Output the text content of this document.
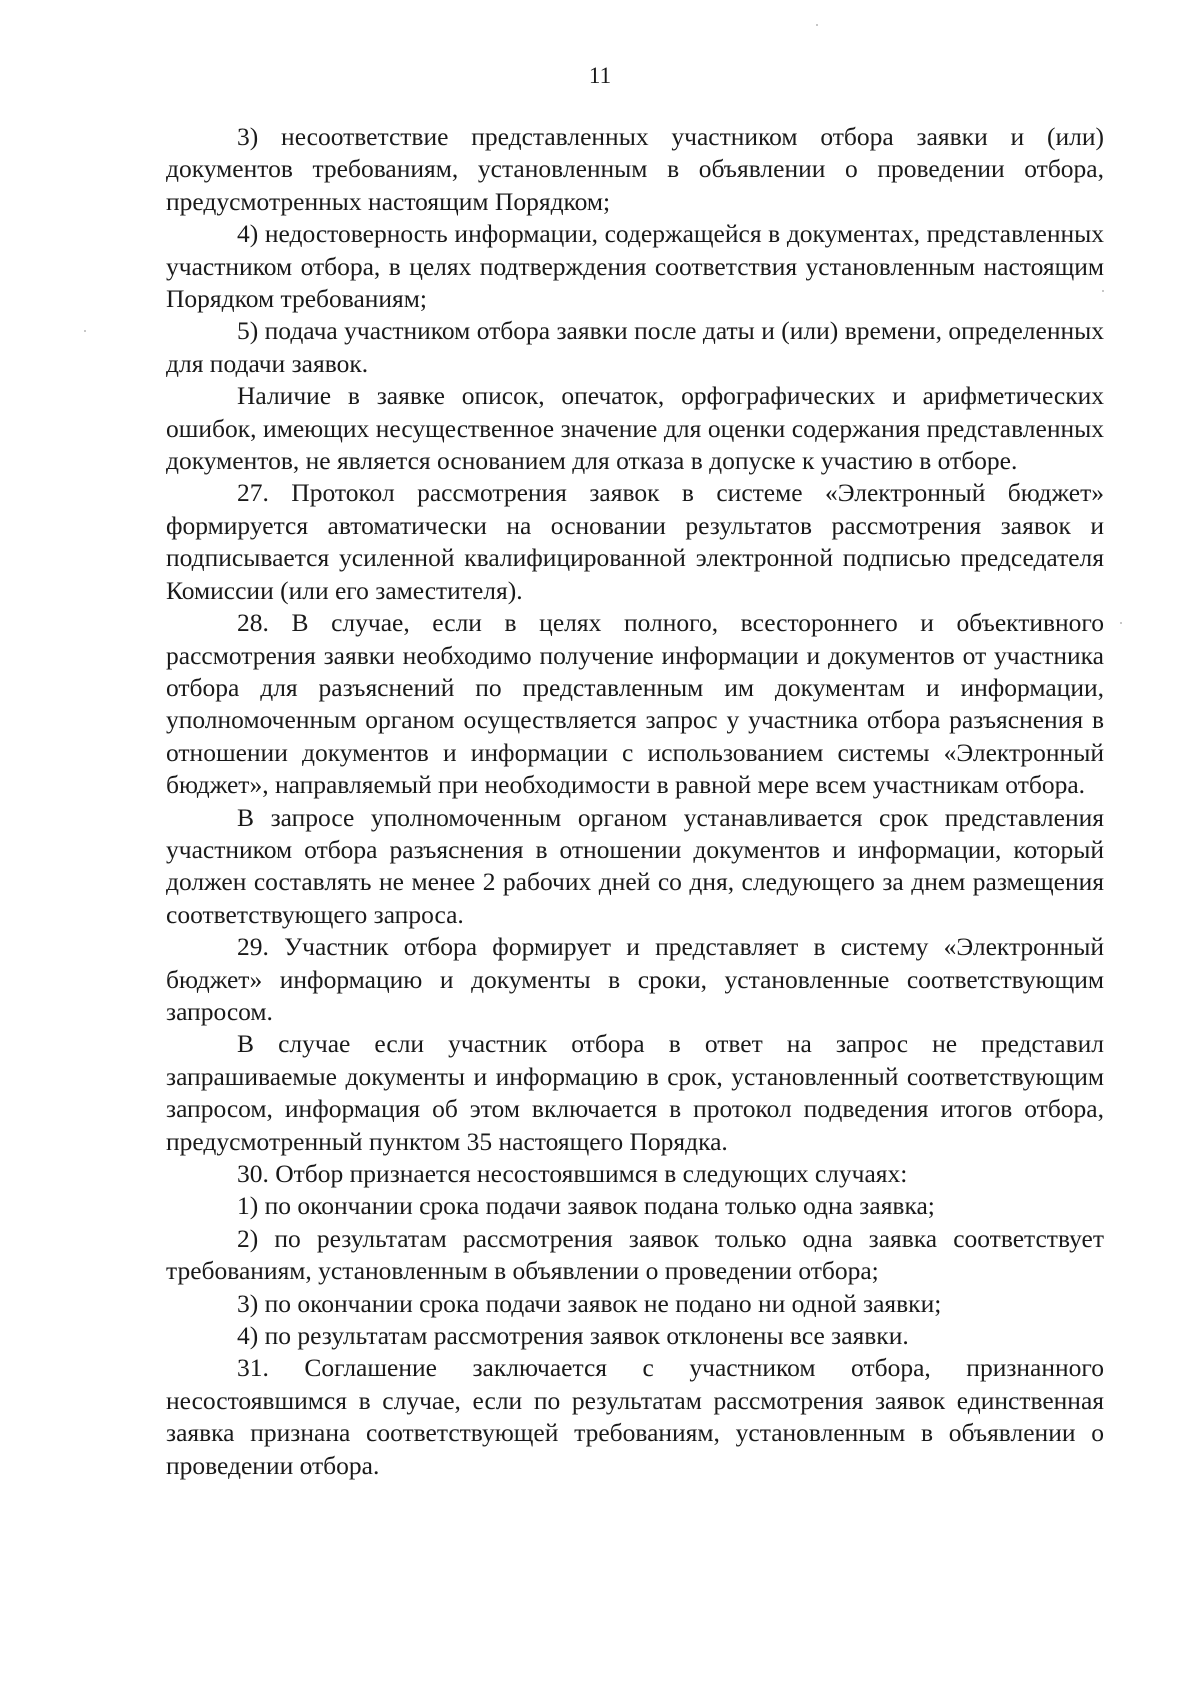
11

3) несоответствие представленных участником отбора заявки и (или) документов требованиям, установленным в объявлении о проведении отбора, предусмотренных настоящим Порядком;

4) недостоверность информации, содержащейся в документах, представленных участником отбора, в целях подтверждения соответствия установленным настоящим Порядком требованиям;

5) подача участником отбора заявки после даты и (или) времени, определенных для подачи заявок.

Наличие в заявке описок, опечаток, орфографических и арифметических ошибок, имеющих несущественное значение для оценки содержания представленных документов, не является основанием для отказа в допуске к участию в отборе.

27. Протокол рассмотрения заявок в системе «Электронный бюджет» формируется автоматически на основании результатов рассмотрения заявок и подписывается усиленной квалифицированной электронной подписью председателя Комиссии (или его заместителя).

28. В случае, если в целях полного, всестороннего и объективного рассмотрения заявки необходимо получение информации и документов от участника отбора для разъяснений по представленным им документам и информации, уполномоченным органом осуществляется запрос у участника отбора разъяснения в отношении документов и информации с использованием системы «Электронный бюджет», направляемый при необходимости в равной мере всем участникам отбора.

В запросе уполномоченным органом устанавливается срок представления участником отбора разъяснения в отношении документов и информации, который должен составлять не менее 2 рабочих дней со дня, следующего за днем размещения соответствующего запроса.

29. Участник отбора формирует и представляет в систему «Электронный бюджет» информацию и документы в сроки, установленные соответствующим запросом.

В случае если участник отбора в ответ на запрос не представил запрашиваемые документы и информацию в срок, установленный соответствующим запросом, информация об этом включается в протокол подведения итогов отбора, предусмотренный пунктом 35 настоящего Порядка.

30. Отбор признается несостоявшимся в следующих случаях:

1) по окончании срока подачи заявок подана только одна заявка;

2) по результатам рассмотрения заявок только одна заявка соответствует требованиям, установленным в объявлении о проведении отбора;

3) по окончании срока подачи заявок не подано ни одной заявки;

4) по результатам рассмотрения заявок отклонены все заявки.

31. Соглашение заключается с участником отбора, признанного несостоявшимся в случае, если по результатам рассмотрения заявок единственная заявка признана соответствующей требованиям, установленным в объявлении о проведении отбора.
